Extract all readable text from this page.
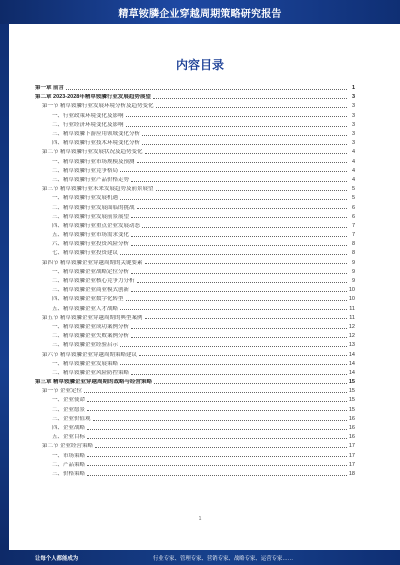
精草铵膦企业穿越周期策略研究报告
内容目录
第一章 前言	1
第二章 2023-2028年精草铵膦行业发展趋势展望	3
第一节 精草铵膦行业发展环境分析及趋势变化	3
一、行业政策环境变化及影响	3
二、行业经济环境变化及影响	3
三、精草铵膦下游应用领域变化分析	3
四、精草铵膦行业技术环境变化分析	3
第二节 精草铵膦行业发展状况及趋势变化	4
一、精草铵膦行业市场规模及预测	4
二、精草铵膦行业竞争格局	4
三、精草铵膦行业产品价格走势	4
第三节 精草铵膦行业未来发展趋势及前景展望	5
一、精草铵膦行业发展机遇	5
二、精草铵膦行业发展面临的挑战	6
三、精草铵膦行业发展前景展望	6
四、精草铵膦行业重点企业发展动态	7
五、精草铵膦行业市场需求变化	7
六、精草铵膦行业投资风险分析	8
七、精草铵膦行业投资建议	8
第四节 精草铵膦企业穿越周期的关键要素	9
一、精草铵膦企业战略定位分析	9
二、精草铵膦企业核心竞争力分析	9
三、精草铵膦企业商业模式创新	10
四、精草铵膦企业数字化转型	10
五、精草铵膦企业人才战略	11
第五节 精草铵膦企业穿越周期的典型案例	11
一、精草铵膦企业成功案例分析	12
二、精草铵膦企业失败案例分析	12
三、精草铵膦企业经验启示	13
第六节 精草铵膦企业穿越周期策略建议	14
一、精草铵膦企业发展策略	14
二、精草铵膦企业风险防控策略	14
第三章 精草铵膦企业穿越周期的战略与经营策略	15
第一节 企业定位	15
一、企业使命	15
二、企业愿景	15
三、企业价值观	16
四、企业战略	16
五、企业目标	16
第二节 企业经营策略	17
一、市场策略	17
二、产品策略	17
三、价格策略	18
1
让每个人都能成为	行业专家、管理专家、营销专家、战略专家、运营专家……
